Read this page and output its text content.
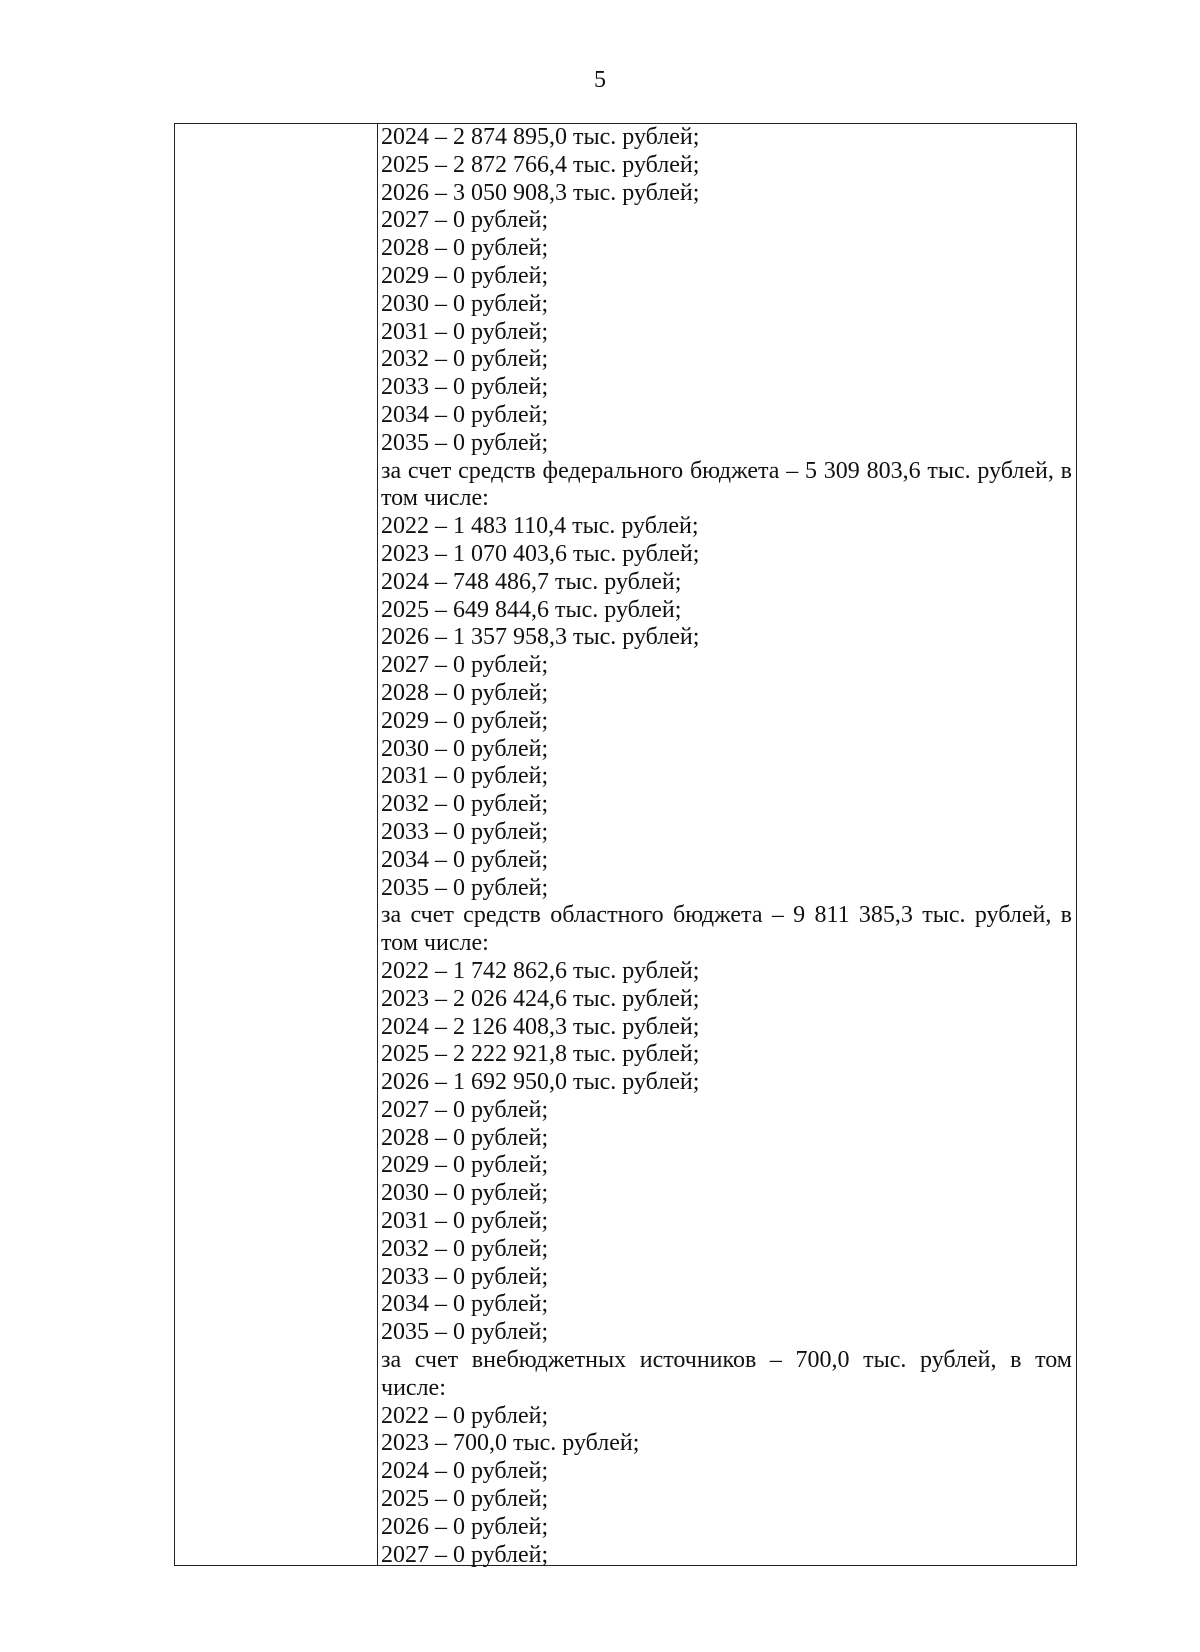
5
2024 – 2 874 895,0 тыс. рублей;
2025 – 2 872 766,4 тыс. рублей;
2026 – 3 050 908,3 тыс. рублей;
2027 – 0 рублей;
2028 – 0 рублей;
2029 – 0 рублей;
2030 – 0 рублей;
2031 – 0 рублей;
2032 – 0 рублей;
2033 – 0 рублей;
2034 – 0 рублей;
2035 – 0 рублей;
за счет средств федерального бюджета – 5 309 803,6 тыс. рублей, в
том числе:
2022 – 1 483 110,4 тыс. рублей;
2023 – 1 070 403,6 тыс. рублей;
2024 – 748 486,7 тыс. рублей;
2025 – 649 844,6 тыс. рублей;
2026 – 1 357 958,3 тыс. рублей;
2027 – 0 рублей;
2028 – 0 рублей;
2029 – 0 рублей;
2030 – 0 рублей;
2031 – 0 рублей;
2032 – 0 рублей;
2033 – 0 рублей;
2034 – 0 рублей;
2035 – 0 рублей;
за счет средств областного бюджета – 9 811 385,3 тыс. рублей, в
том числе:
2022 – 1 742 862,6 тыс. рублей;
2023 – 2 026 424,6 тыс. рублей;
2024 – 2 126 408,3 тыс. рублей;
2025 – 2 222 921,8 тыс. рублей;
2026 – 1 692 950,0 тыс. рублей;
2027 – 0 рублей;
2028 – 0 рублей;
2029 – 0 рублей;
2030 – 0 рублей;
2031 – 0 рублей;
2032 – 0 рублей;
2033 – 0 рублей;
2034 – 0 рублей;
2035 – 0 рублей;
за счет внебюджетных источников – 700,0 тыс. рублей, в том
числе:
2022 – 0 рублей;
2023 – 700,0 тыс. рублей;
2024 – 0 рублей;
2025 – 0 рублей;
2026 – 0 рублей;
2027 – 0 рублей;
